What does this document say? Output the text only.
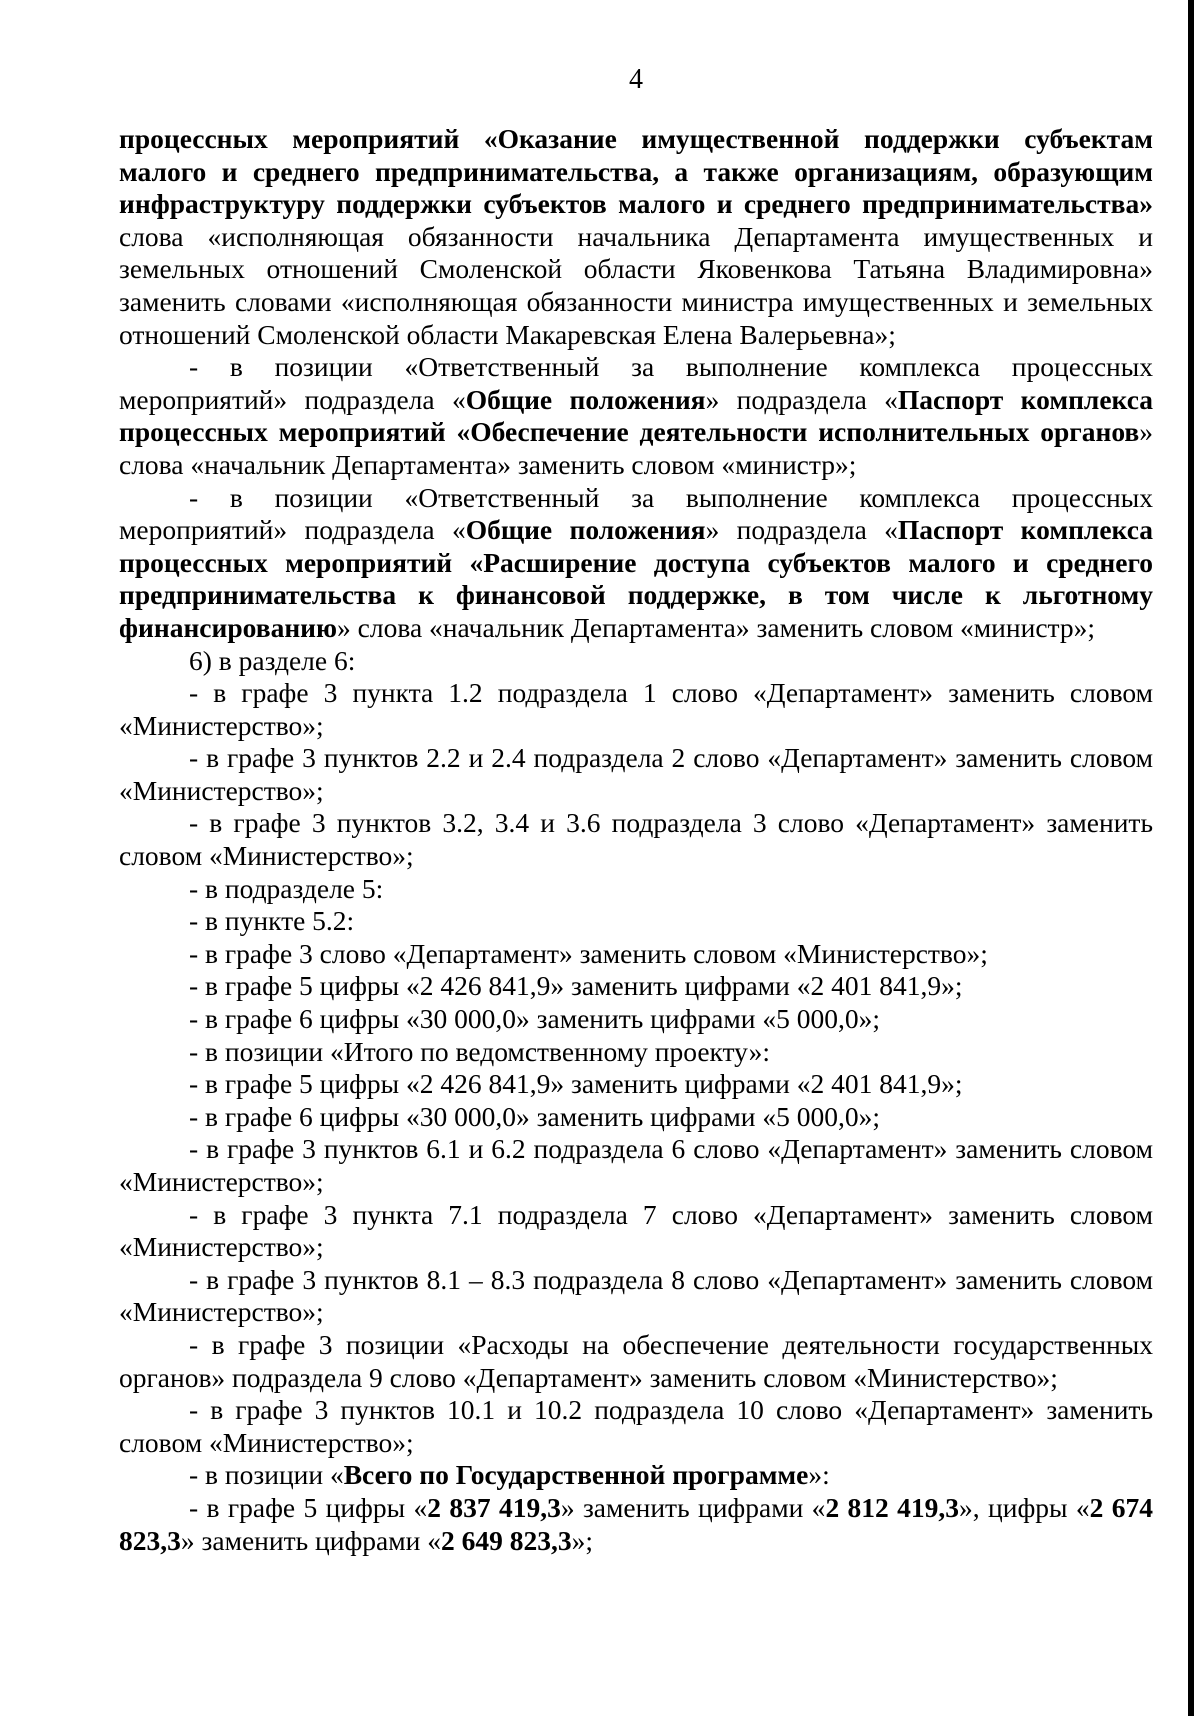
4

процессных мероприятий «Оказание имущественной поддержки субъектам малого и среднего предпринимательства, а также организациям, образующим инфраструктуру поддержки субъектов малого и среднего предпринимательства» слова «исполняющая обязанности начальника Департамента имущественных и земельных отношений Смоленской области Яковенкова Татьяна Владимировна» заменить словами «исполняющая обязанности министра имущественных и земельных отношений Смоленской области Макаревская Елена Валерьевна»;

- в позиции «Ответственный за выполнение комплекса процессных мероприятий» подраздела «Общие положения» подраздела «Паспорт комплекса процессных мероприятий «Обеспечение деятельности исполнительных органов» слова «начальник Департамента» заменить словом «министр»;

- в позиции «Ответственный за выполнение комплекса процессных мероприятий» подраздела «Общие положения» подраздела «Паспорт комплекса процессных мероприятий «Расширение доступа субъектов малого и среднего предпринимательства к финансовой поддержке, в том числе к льготному финансированию» слова «начальник Департамента» заменить словом «министр»;

6) в разделе 6:

- в графе 3 пункта 1.2 подраздела 1 слово «Департамент» заменить словом «Министерство»;

- в графе 3 пунктов 2.2 и 2.4 подраздела 2 слово «Департамент» заменить словом «Министерство»;

- в графе 3 пунктов 3.2, 3.4 и 3.6 подраздела 3 слово «Департамент» заменить словом «Министерство»;

- в подразделе 5:

- в пункте 5.2:

- в графе 3 слово «Департамент» заменить словом «Министерство»;

- в графе 5 цифры «2 426 841,9» заменить цифрами «2 401 841,9»;

- в графе 6 цифры «30 000,0» заменить цифрами «5 000,0»;

- в позиции «Итого по ведомственному проекту»:

- в графе 5 цифры «2 426 841,9» заменить цифрами «2 401 841,9»;

- в графе 6 цифры «30 000,0» заменить цифрами «5 000,0»;

- в графе 3 пунктов 6.1 и 6.2 подраздела 6 слово «Департамент» заменить словом «Министерство»;

- в графе 3 пункта 7.1 подраздела 7 слово «Департамент» заменить словом «Министерство»;

- в графе 3 пунктов 8.1 – 8.3 подраздела 8 слово «Департамент» заменить словом «Министерство»;

- в графе 3 позиции «Расходы на обеспечение деятельности государственных органов» подраздела 9 слово «Департамент» заменить словом «Министерство»;

- в графе 3 пунктов 10.1 и 10.2 подраздела 10 слово «Департамент» заменить словом «Министерство»;

- в позиции «Всего по Государственной программе»:

- в графе 5 цифры «2 837 419,3» заменить цифрами «2 812 419,3», цифры «2 674 823,3» заменить цифрами «2 649 823,3»;
